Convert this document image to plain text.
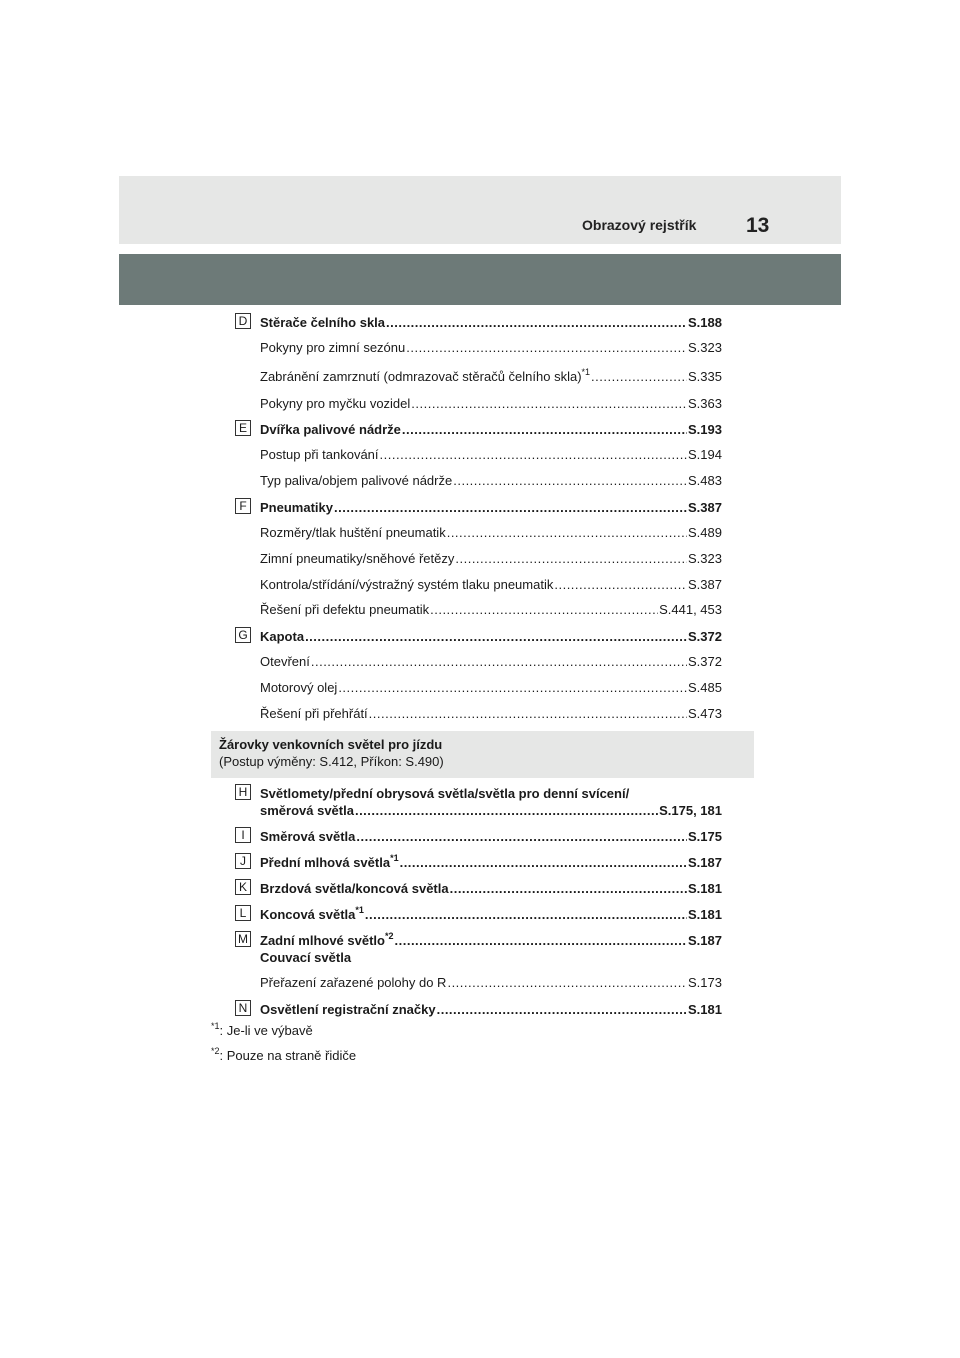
Obrazový rejstřík 13
D Stěrače čelního skla .....	S.188
Pokyny pro zimní sezónu .....	S.323
Zabránění zamrznutí (odmrazovač stěračů čelního skla)$^{*1}$ .....	S.335
Pokyny pro myčku vozidel .....	S.363
E	Dvířka palivové nádrže .....	S.193
Postup při tankování .....	S.194
Typ paliva/objem palivové nádrže .....	S.483
F	Pneumatiky .....	S.387
Rozměry/tlak huštění pneumatik .....	S.489
Zimní pneumatiky/sněhové řetězy .....	S.323
Kontrola/střídání/výstražný systém tlaku pneumatik .....	S.387
Řešení při defektu pneumatik .....	S.441, 453
G Kapota .....	S.372
Otevření .....	S.372
Motorový olej .....	S.485
Řešení při přehřátí .....	S.473
Žárovky venkovních světel pro jízdu
(Postup výměny: S.412, Příkon: S.490)
H Světlomety/přední obrysová světla/světla pro denní svícení/
směrová světla .....	S.175, 181
I	Směrová světla .....	S.175
J	Přední mlhová světla$^{*1}$ .....	S.187
K	Brzdová světla/koncová světla .....	S.181
L	Koncová světla$^{*1}$ .....	S.181
M Zadní mlhové světlo$^{*2}$ .....	S.187
Couvací světla
Přeřazení zařazené polohy do R .....	S.173
N Osvětlení registrační značky .....	S.181
$^{*1}$: Je-li ve výbavě
$^{*2}$: Pouze na straně řidiče
